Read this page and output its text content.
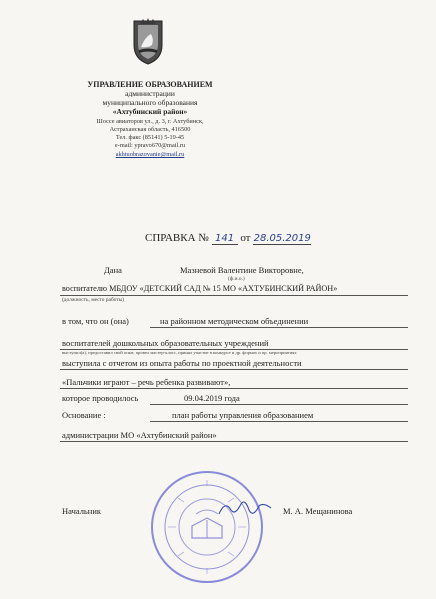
УПРАВЛЕНИЕ ОБРАЗОВАНИЕМ
администрации
муниципального образования
«Ахтубинский район»
Шоссе авиаторов ул., д. 3, г. Ахтубинск,
Астраханская область, 416500
Тел. факс (85141) 5-19-45
e-mail: ypravo670@mail.ru
akhtuobrazovanie@mail.ru
СПРАВКА № 141 от 28.05.2019
Дана	Мазневой Валентине Викторовне,
(ф.и.о.)
воспитателю МБДОУ «ДЕТСКИЙ САД № 15 МО «АХТУБИНСКИЙ РАЙОН»
(должность, место работы)
в том, что он (она)	на районном методическом объединении
воспитателей дошкольных образовательных учреждений
выступил(а), предоставил свой опыт, провел мастер-класс, принял участие в конкурсе и др. формах и пр. мероприятиях
выступила с отчетом из опыта работы по проектной деятельности
«Пальчики играют – речь ребенка развивают»,
которое проводилось	09.04.2019 года
Основание :	план работы управления образованием
администрации МО «Ахтубинский район»
Начальник	М. А. Мещанинова
